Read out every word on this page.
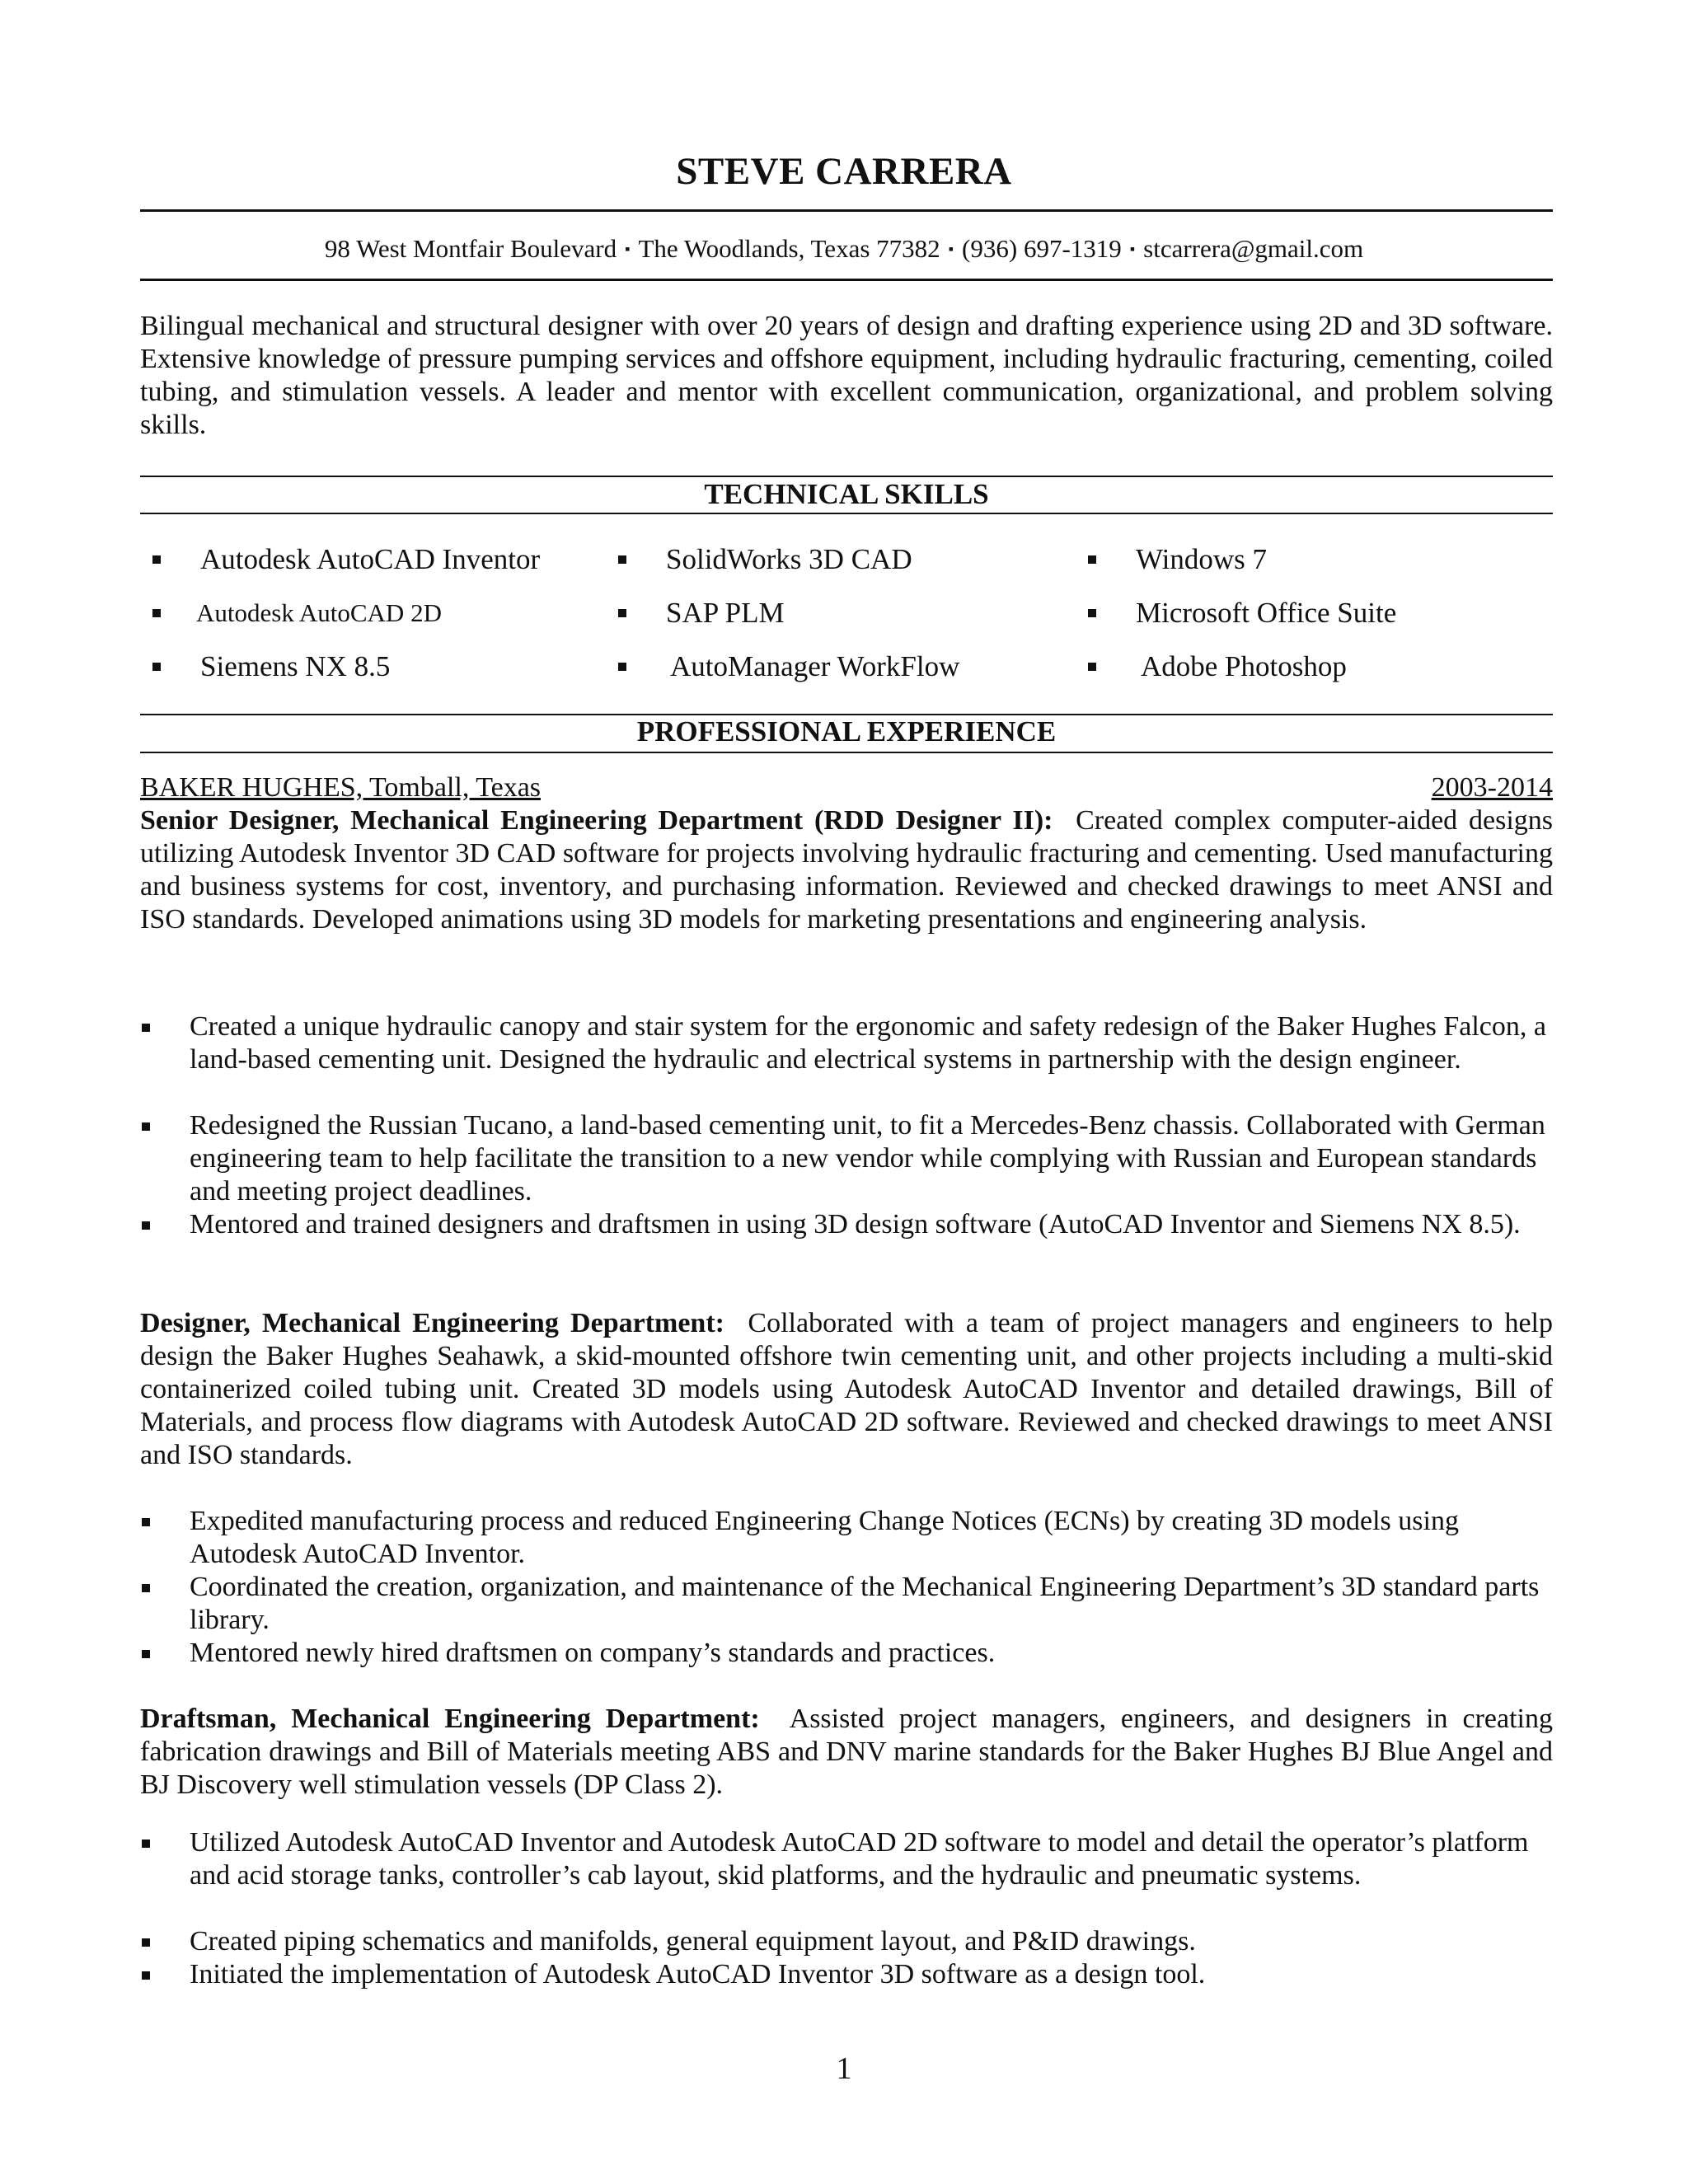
STEVE CARRERA
98 West Montfair Boulevard ▪ The Woodlands, Texas 77382 ▪ (936) 697-1319 ▪ stcarrera@gmail.com
Bilingual mechanical and structural designer with over 20 years of design and drafting experience using 2D and 3D software. Extensive knowledge of pressure pumping services and offshore equipment, including hydraulic fracturing, cementing, coiled tubing, and stimulation vessels. A leader and mentor with excellent communication, organizational, and problem solving skills.
TECHNICAL SKILLS
Autodesk AutoCAD Inventor
Autodesk AutoCAD 2D
Siemens NX 8.5
SolidWorks 3D CAD
SAP PLM
AutoManager WorkFlow
Windows 7
Microsoft Office Suite
Adobe Photoshop
PROFESSIONAL EXPERIENCE
BAKER HUGHES, Tomball, Texas	2003-2014
Senior Designer, Mechanical Engineering Department (RDD Designer II): Created complex computer-aided designs utilizing Autodesk Inventor 3D CAD software for projects involving hydraulic fracturing and cementing. Used manufacturing and business systems for cost, inventory, and purchasing information. Reviewed and checked drawings to meet ANSI and ISO standards. Developed animations using 3D models for marketing presentations and engineering analysis.
Created a unique hydraulic canopy and stair system for the ergonomic and safety redesign of the Baker Hughes Falcon, a land-based cementing unit. Designed the hydraulic and electrical systems in partnership with the design engineer.
Redesigned the Russian Tucano, a land-based cementing unit, to fit a Mercedes-Benz chassis. Collaborated with German engineering team to help facilitate the transition to a new vendor while complying with Russian and European standards and meeting project deadlines.
Mentored and trained designers and draftsmen in using 3D design software (AutoCAD Inventor and Siemens NX 8.5).
Designer, Mechanical Engineering Department: Collaborated with a team of project managers and engineers to help design the Baker Hughes Seahawk, a skid-mounted offshore twin cementing unit, and other projects including a multi-skid containerized coiled tubing unit. Created 3D models using Autodesk AutoCAD Inventor and detailed drawings, Bill of Materials, and process flow diagrams with Autodesk AutoCAD 2D software. Reviewed and checked drawings to meet ANSI and ISO standards.
Expedited manufacturing process and reduced Engineering Change Notices (ECNs) by creating 3D models using Autodesk AutoCAD Inventor.
Coordinated the creation, organization, and maintenance of the Mechanical Engineering Department’s 3D standard parts library.
Mentored newly hired draftsmen on company’s standards and practices.
Draftsman, Mechanical Engineering Department: Assisted project managers, engineers, and designers in creating fabrication drawings and Bill of Materials meeting ABS and DNV marine standards for the Baker Hughes BJ Blue Angel and BJ Discovery well stimulation vessels (DP Class 2).
Utilized Autodesk AutoCAD Inventor and Autodesk AutoCAD 2D software to model and detail the operator’s platform and acid storage tanks, controller’s cab layout, skid platforms, and the hydraulic and pneumatic systems.
Created piping schematics and manifolds, general equipment layout, and P&ID drawings.
Initiated the implementation of Autodesk AutoCAD Inventor 3D software as a design tool.
1
